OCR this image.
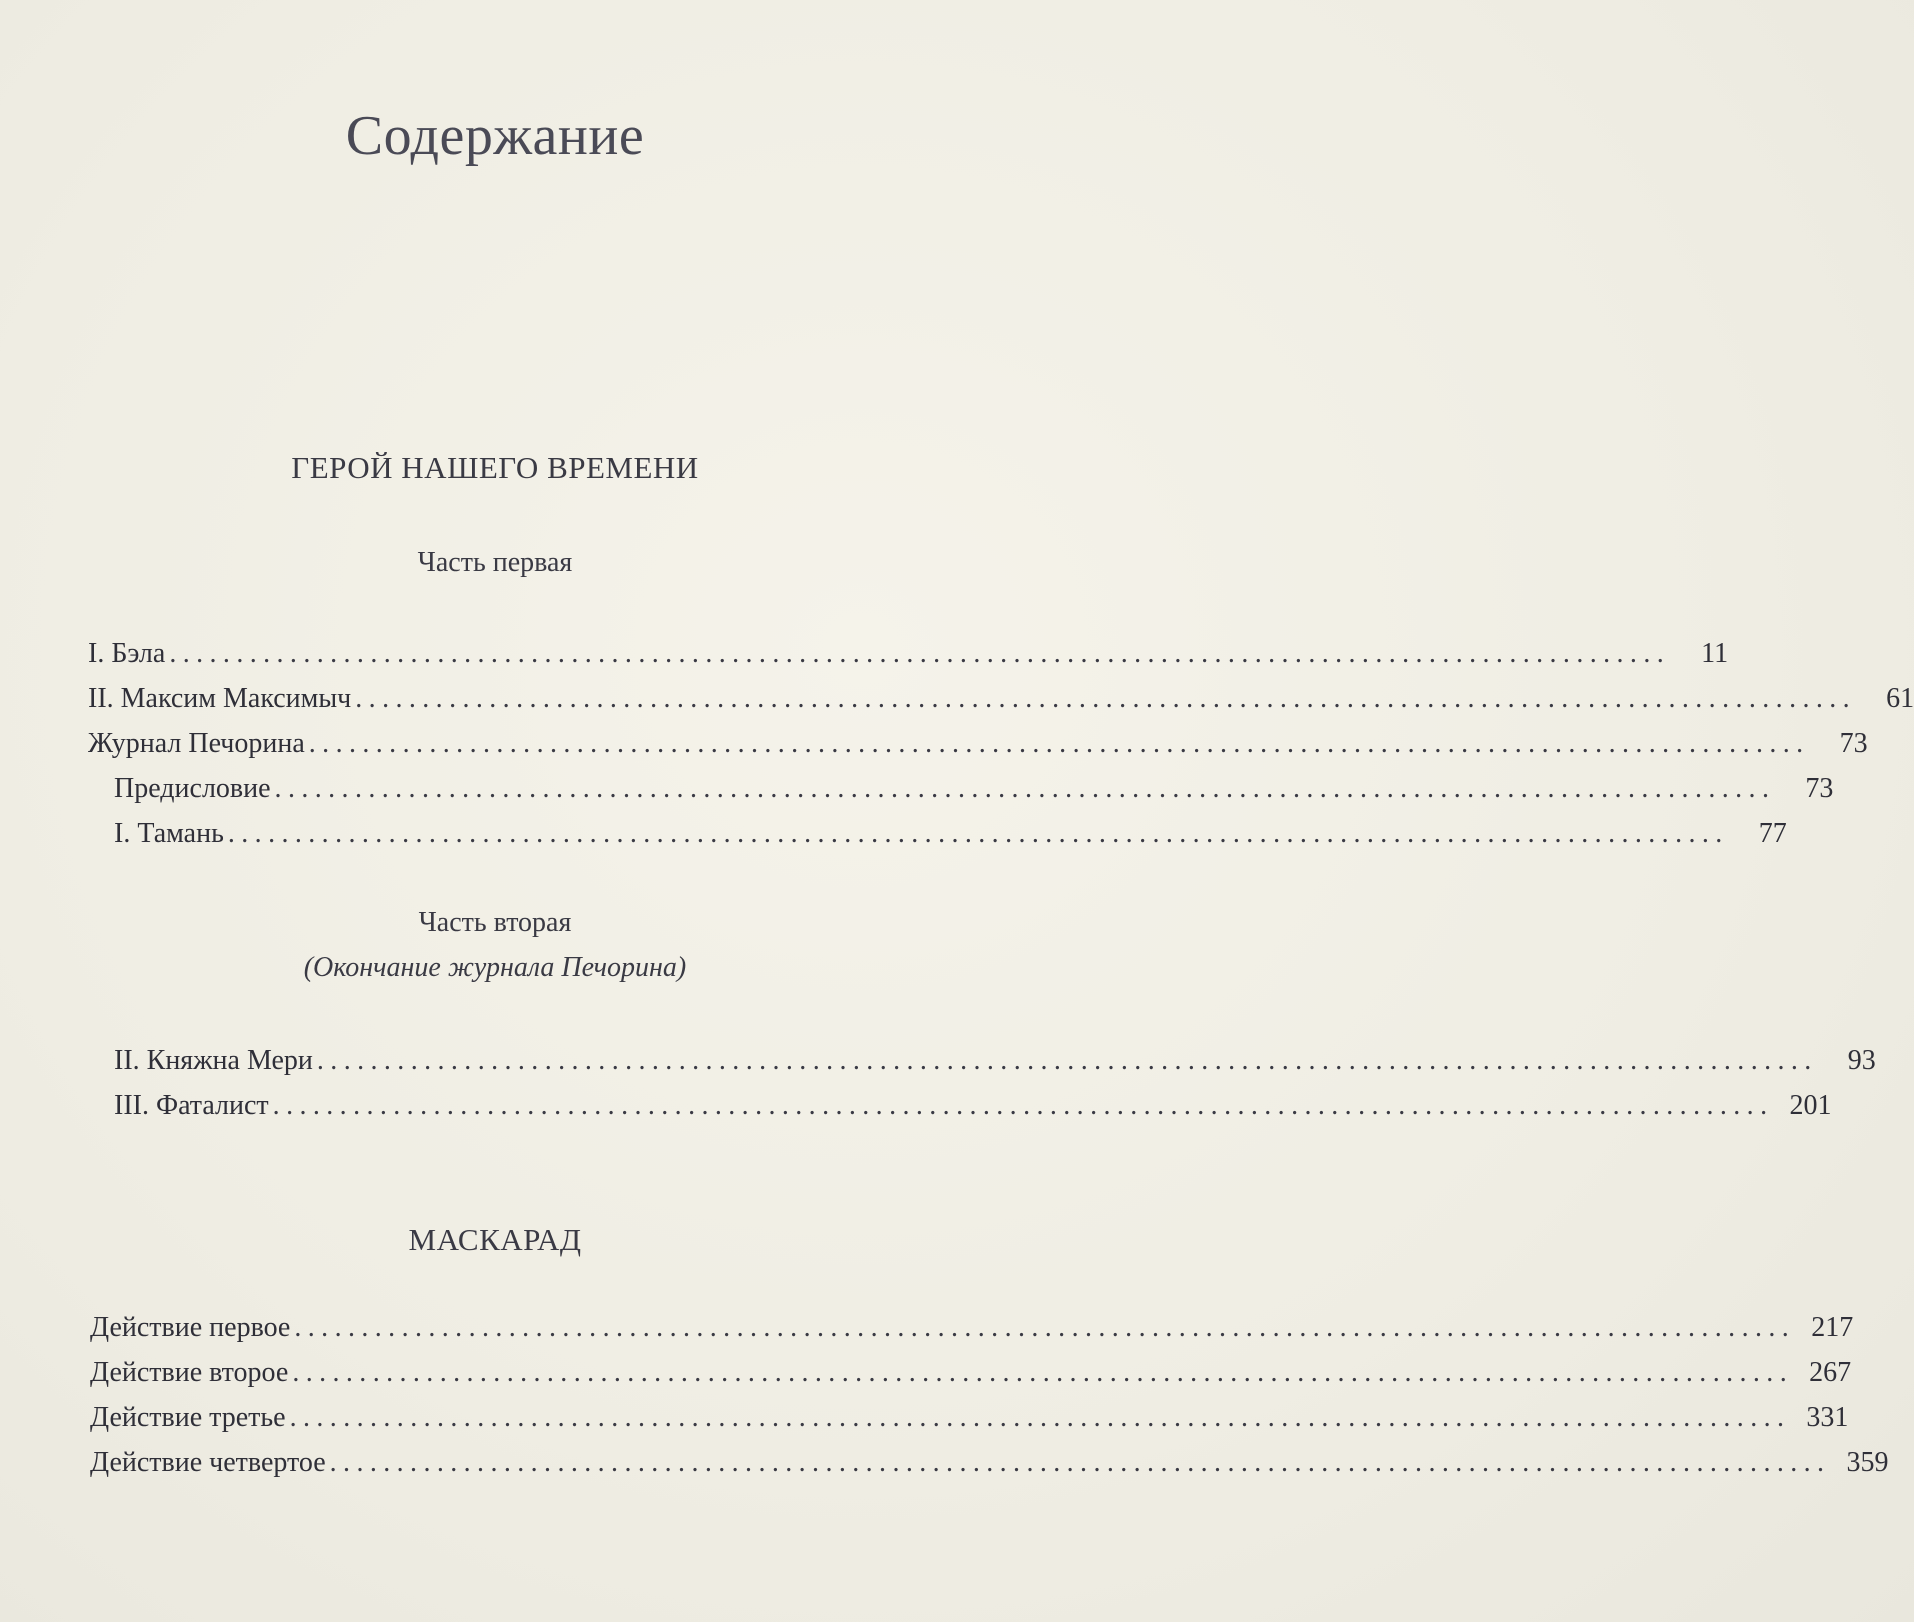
Содержание
ГЕРОЙ НАШЕГО ВРЕМЕНИ
Часть первая
I. Бэла ................................................................................................................	11
II. Максим Максимыч ................................................................................................................	61
Журнал Печорина ................................................................................................................	73
Предисловие ................................................................................................................	73
I. Тамань ................................................................................................................	77
Часть вторая
(Окончание журнала Печорина)
II. Княжна Мери ................................................................................................................	93
III. Фаталист ................................................................................................................ 201
МАСКАРАД
Действие первое ................................................................................................................ 217
Действие второе ................................................................................................................ 267
Действие третье ................................................................................................................ 331
Действие четвертое ................................................................................................................ 359
